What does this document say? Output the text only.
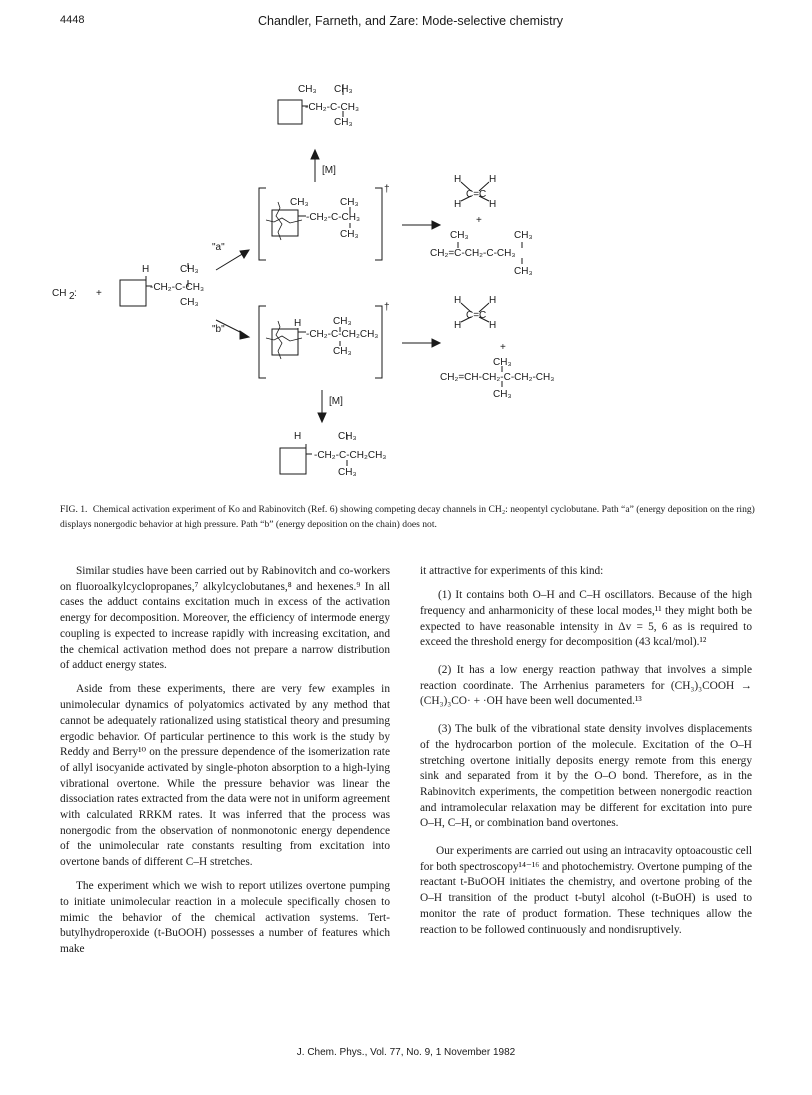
4448	Chandler, Farneth, and Zare: Mode-selective chemistry
CH₃ CH₃
-CH₂-C-CH₃
CH₃
[M]
CH₃	CH₃
-CH₂-C-CH₃
CH₃
†
"a"
H	H
C=C
H	H
+
CH₃	CH₃
CH₂=C-CH₂-C-CH₃
CH₃
CH 2 : +
H	CH₃
-CH₂-C-CH₃
CH₃
H	CH₃
-CH₂-C-CH₂CH₃
CH₃
†
"b"
H	H
C=C
H	H
+
CH₃
CH₂=CH-CH₂-C-CH₂-CH₃
CH₃
[M]
H	CH₃
-CH₂-C-CH₂CH₃
CH₃
FIG. 1. Chemical activation experiment of Ko and Rabinovitch (Ref. 6) showing competing decay channels in CH₂: neopentyl cyclobutane. Path “a” (energy deposition on the ring) displays nonergodic behavior at high pressure. Path “b” (energy deposition on the chain) does not.

Similar studies have been carried out by Rabinovitch and co-workers on fluoroalkylcyclopropanes,⁷ alkylcyclobutanes,⁸ and hexenes.⁹ In all cases the adduct contains excitation much in excess of the activation energy for decomposition. Moreover, the efficiency of intermode energy coupling is expected to increase rapidly with increasing excitation, and the chemical activation method does not prepare a narrow distribution of adduct energy states.

Aside from these experiments, there are very few examples in unimolecular dynamics of polyatomics activated by any method that cannot be adequately rationalized using statistical theory and presuming ergodic behavior. Of particular pertinence to this work is the study by Reddy and Berry¹⁰ on the pressure dependence of the isomerization rate of allyl isocyanide activated by single-photon absorption to a high-lying vibrational overtone. While the pressure behavior was linear the dissociation rates extracted from the data were not in uniform agreement with calculated RRKM rates. It was inferred that the process was nonergodic from the observation of nonmonotonic energy dependence of the unimolecular rate constants resulting from excitation into overtone bands of different C–H stretches.

The experiment which we wish to report utilizes overtone pumping to initiate unimolecular reaction in a molecule specifically chosen to mimic the behavior of the chemical activation systems. Tert-butylhydroperoxide (t-BuOOH) possesses a number of features which make

it attractive for experiments of this kind:

(1) It contains both O–H and C–H oscillators. Because of the high frequency and anharmonicity of these local modes,¹¹ they might both be expected to have reasonable intensity in Δv = 5, 6 as is required to exceed the threshold energy for decomposition (43 kcal/mol).¹²

(2) It has a low energy reaction pathway that involves a simple reaction coordinate. The Arrhenius parameters for (CH₃)₃COOH → (CH₃)₃CO· + ·OH have been well documented.¹³

(3) The bulk of the vibrational state density involves displacements of the hydrocarbon portion of the molecule. Excitation of the O–H stretching overtone initially deposits energy remote from this energy sink and separated from it by the O–O bond. Therefore, as in the Rabinovitch experiments, the competition between nonergodic reaction and intramolecular relaxation may be different for excitation into pure O–H, C–H, or combination band overtones.

Our experiments are carried out using an intracavity optoacoustic cell for both spectroscopy¹⁴⁻¹⁶ and photochemistry. Overtone pumping of the reactant t-BuOOH initiates the chemistry, and overtone probing of the O–H transition of the product t-butyl alcohol (t-BuOH) is used to monitor the rate of product formation. These techniques allow the reaction to be followed continuously and nondisruptively.

J. Chem. Phys., Vol. 77, No. 9, 1 November 1982
